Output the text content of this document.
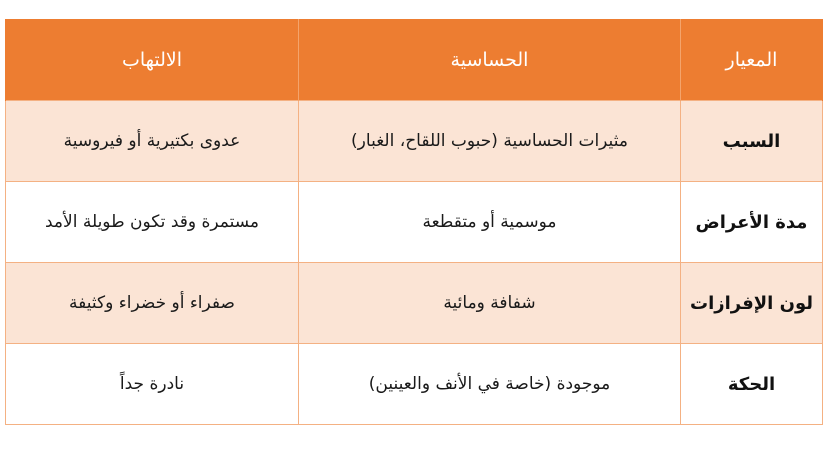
المعيار	الحساسية	الالتهاب
السبب	مثيرات الحساسية (حبوب اللقاح، الغبار)	عدوى بكتيرية أو فيروسية
مدة الأعراض	موسمية أو متقطعة	مستمرة وقد تكون طويلة الأمد
لون الإفرازات	شفافة ومائية	صفراء أو خضراء وكثيفة
الحكة	موجودة (خاصة في الأنف والعينين)	نادرة جداً
